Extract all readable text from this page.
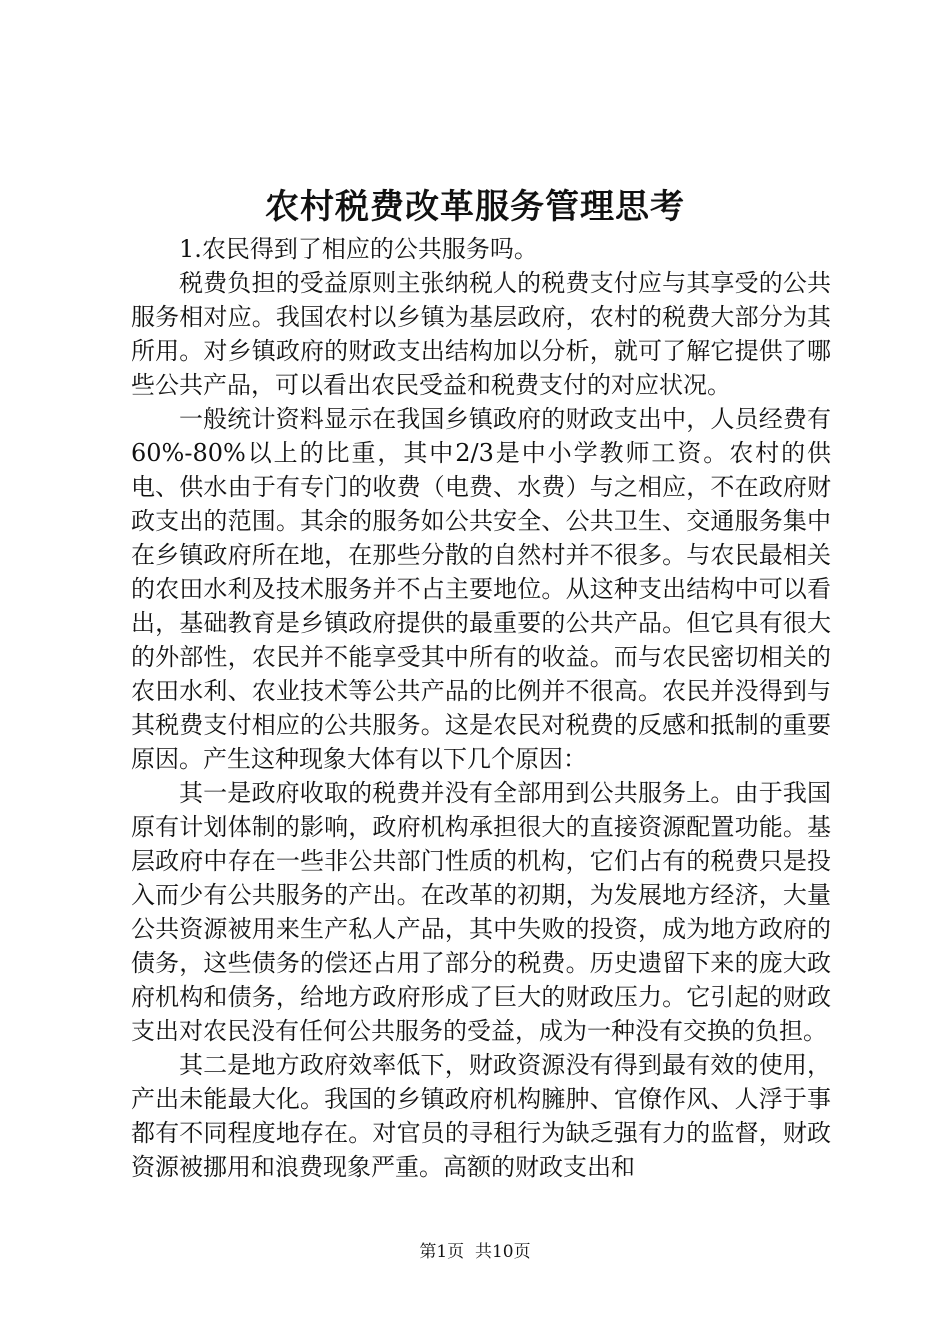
农村税费改革服务管理思考

1.农民得到了相应的公共服务吗。

税费负担的受益原则主张纳税人的税费支付应与其享受的公共服务相对应。我国农村以乡镇为基层政府，农村的税费大部分为其所用。对乡镇政府的财政支出结构加以分析，就可了解它提供了哪些公共产品，可以看出农民受益和税费支付的对应状况。

一般统计资料显示在我国乡镇政府的财政支出中，人员经费有60%-80%以上的比重，其中2/3是中小学教师工资。农村的供电、供水由于有专门的收费（电费、水费）与之相应，不在政府财政支出的范围。其余的服务如公共安全、公共卫生、交通服务集中在乡镇政府所在地，在那些分散的自然村并不很多。与农民最相关的农田水利及技术服务并不占主要地位。从这种支出结构中可以看出，基础教育是乡镇政府提供的最重要的公共产品。但它具有很大的外部性，农民并不能享受其中所有的收益。而与农民密切相关的农田水利、农业技术等公共产品的比例并不很高。农民并没得到与其税费支付相应的公共服务。这是农民对税费的反感和抵制的重要原因。产生这种现象大体有以下几个原因：

其一是政府收取的税费并没有全部用到公共服务上。由于我国原有计划体制的影响，政府机构承担很大的直接资源配置功能。基层政府中存在一些非公共部门性质的机构，它们占有的税费只是投入而少有公共服务的产出。在改革的初期，为发展地方经济，大量公共资源被用来生产私人产品，其中失败的投资，成为地方政府的债务，这些债务的偿还占用了部分的税费。历史遗留下来的庞大政府机构和债务，给地方政府形成了巨大的财政压力。它引起的财政支出对农民没有任何公共服务的受益，成为一种没有交换的负担。

其二是地方政府效率低下，财政资源没有得到最有效的使用，产出未能最大化。我国的乡镇政府机构臃肿、官僚作风、人浮于事都有不同程度地存在。对官员的寻租行为缺乏强有力的监督，财政资源被挪用和浪费现象严重。高额的财政支出和

第1页  共10页
